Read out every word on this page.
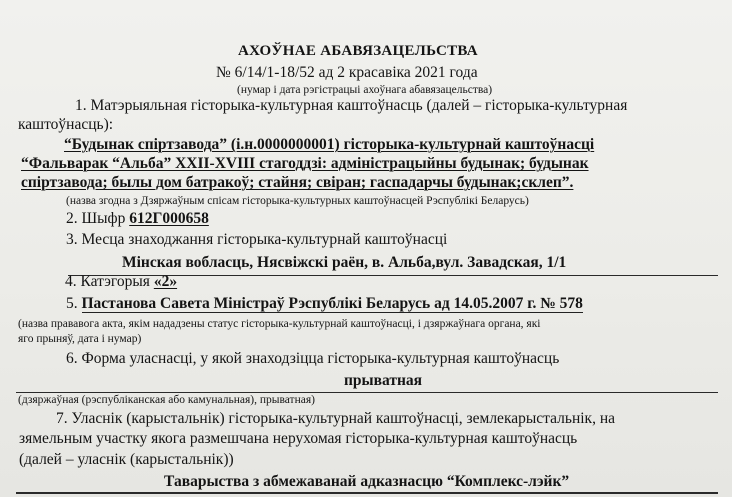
АХОЎНАЕ АБАВЯЗАЦЕЛЬСТВА
№ 6/14/1-18/52 ад 2 красавіка 2021 года
(нумар і дата рэгістрацыі ахоўнага абавязацельства)
1. Матэрыяльная гісторыка-культурная каштоўнасць (далей – гісторыка-культурная
каштоўнасць):
“Будынак спіртзавода” (і.н.0000000001) гісторыка-культурнай каштоўнасці
“Фальварак “Альба” XXII-XVIII стагоддзі: адміністрацыйны будынак; будынак
спіртзавода; былы дом батракоў; стайня; свіран; гаспадарчы будынак;склеп”.
(назва згодна з Дзяржаўным спісам гісторыка-культурных каштоўнасцей Рэспублікі Беларусь)
2. Шыфр 612Г000658
3. Месца знаходжання гісторыка-культурнай каштоўнасці
Мінская вобласць, Нясвіжскі раён, в. Альба,вул. Завадская, 1/1
4. Катэгорыя «2»
5. Пастанова Савета Міністраў Рэспублікі Беларусь ад 14.05.2007 г. № 578
(назва прававога акта, якім нададзены статус гісторыка-культурнай каштоўнасці, і дзяржаўнага органа, які
яго прыняў, дата і нумар)
6. Форма уласнасці, у якой знаходзіцца гісторыка-культурная каштоўнасць
прыватная
(дзяржаўная (рэспубліканская або камунальная), прыватная)
7. Уласнік (карыстальнік) гісторыка-культурнай каштоўнасці, землекарыстальнік, на
зямельным участку якога размешчана нерухомая гісторыка-культурная каштоўнасць
(далей – уласнік (карыстальнік))
Таварыства з абмежаванай адказнасцю “Комплекс-лэйк”
